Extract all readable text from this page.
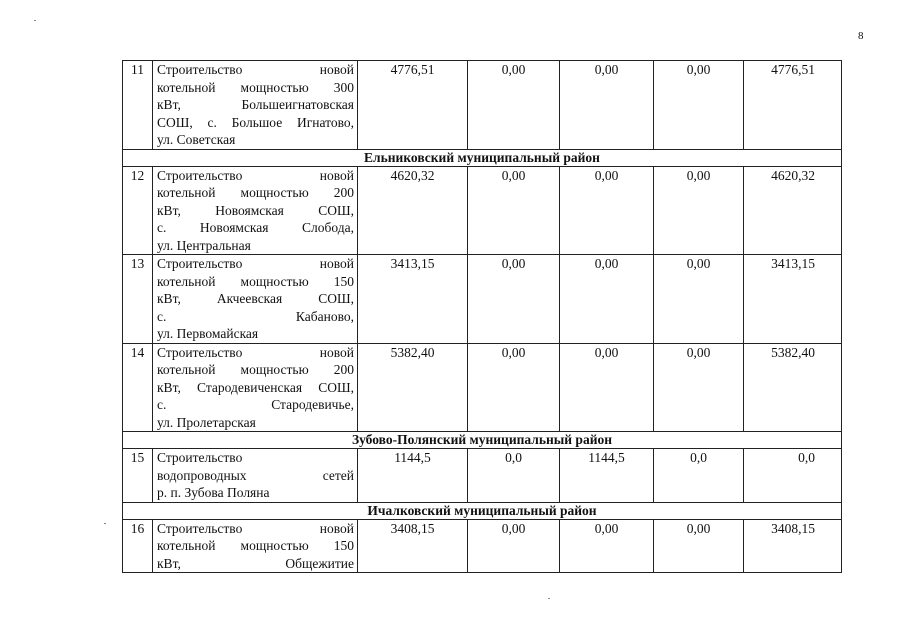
8
11	Строительство новой
котельной мощностью 300
кВт, Большеигнатовская
СОШ, с. Большое Игнатово,
ул. Советская	4776,51	0,00	0,00	0,00	4776,51
Ельниковский муниципальный район						
12	Строительство новой
котельной мощностью 200
кВт, Новоямская СОШ,
с. Новоямская Слобода,
ул. Центральная	4620,32	0,00	0,00	0,00	4620,32
13	Строительство новой
котельной мощностью 150
кВт, Акчеевская СОШ,
с. Кабаново,
ул. Первомайская	3413,15	0,00	0,00	0,00	3413,15
14	Строительство новой
котельной мощностью 200
кВт, Стародевиченская СОШ,
с. Стародевичье,
ул. Пролетарская	5382,40	0,00	0,00	0,00	5382,40
Зубово-Полянский муниципальный район						
15	Строительство
водопроводных сетей
р. п. Зубова Поляна	1144,5	0,0	1144,5	0,0	0,0
Ичалковский муниципальный район						
16	Строительство новой
котельной мощностью 150
кВт, Общежитие	3408,15	0,00	0,00	0,00	3408,15
